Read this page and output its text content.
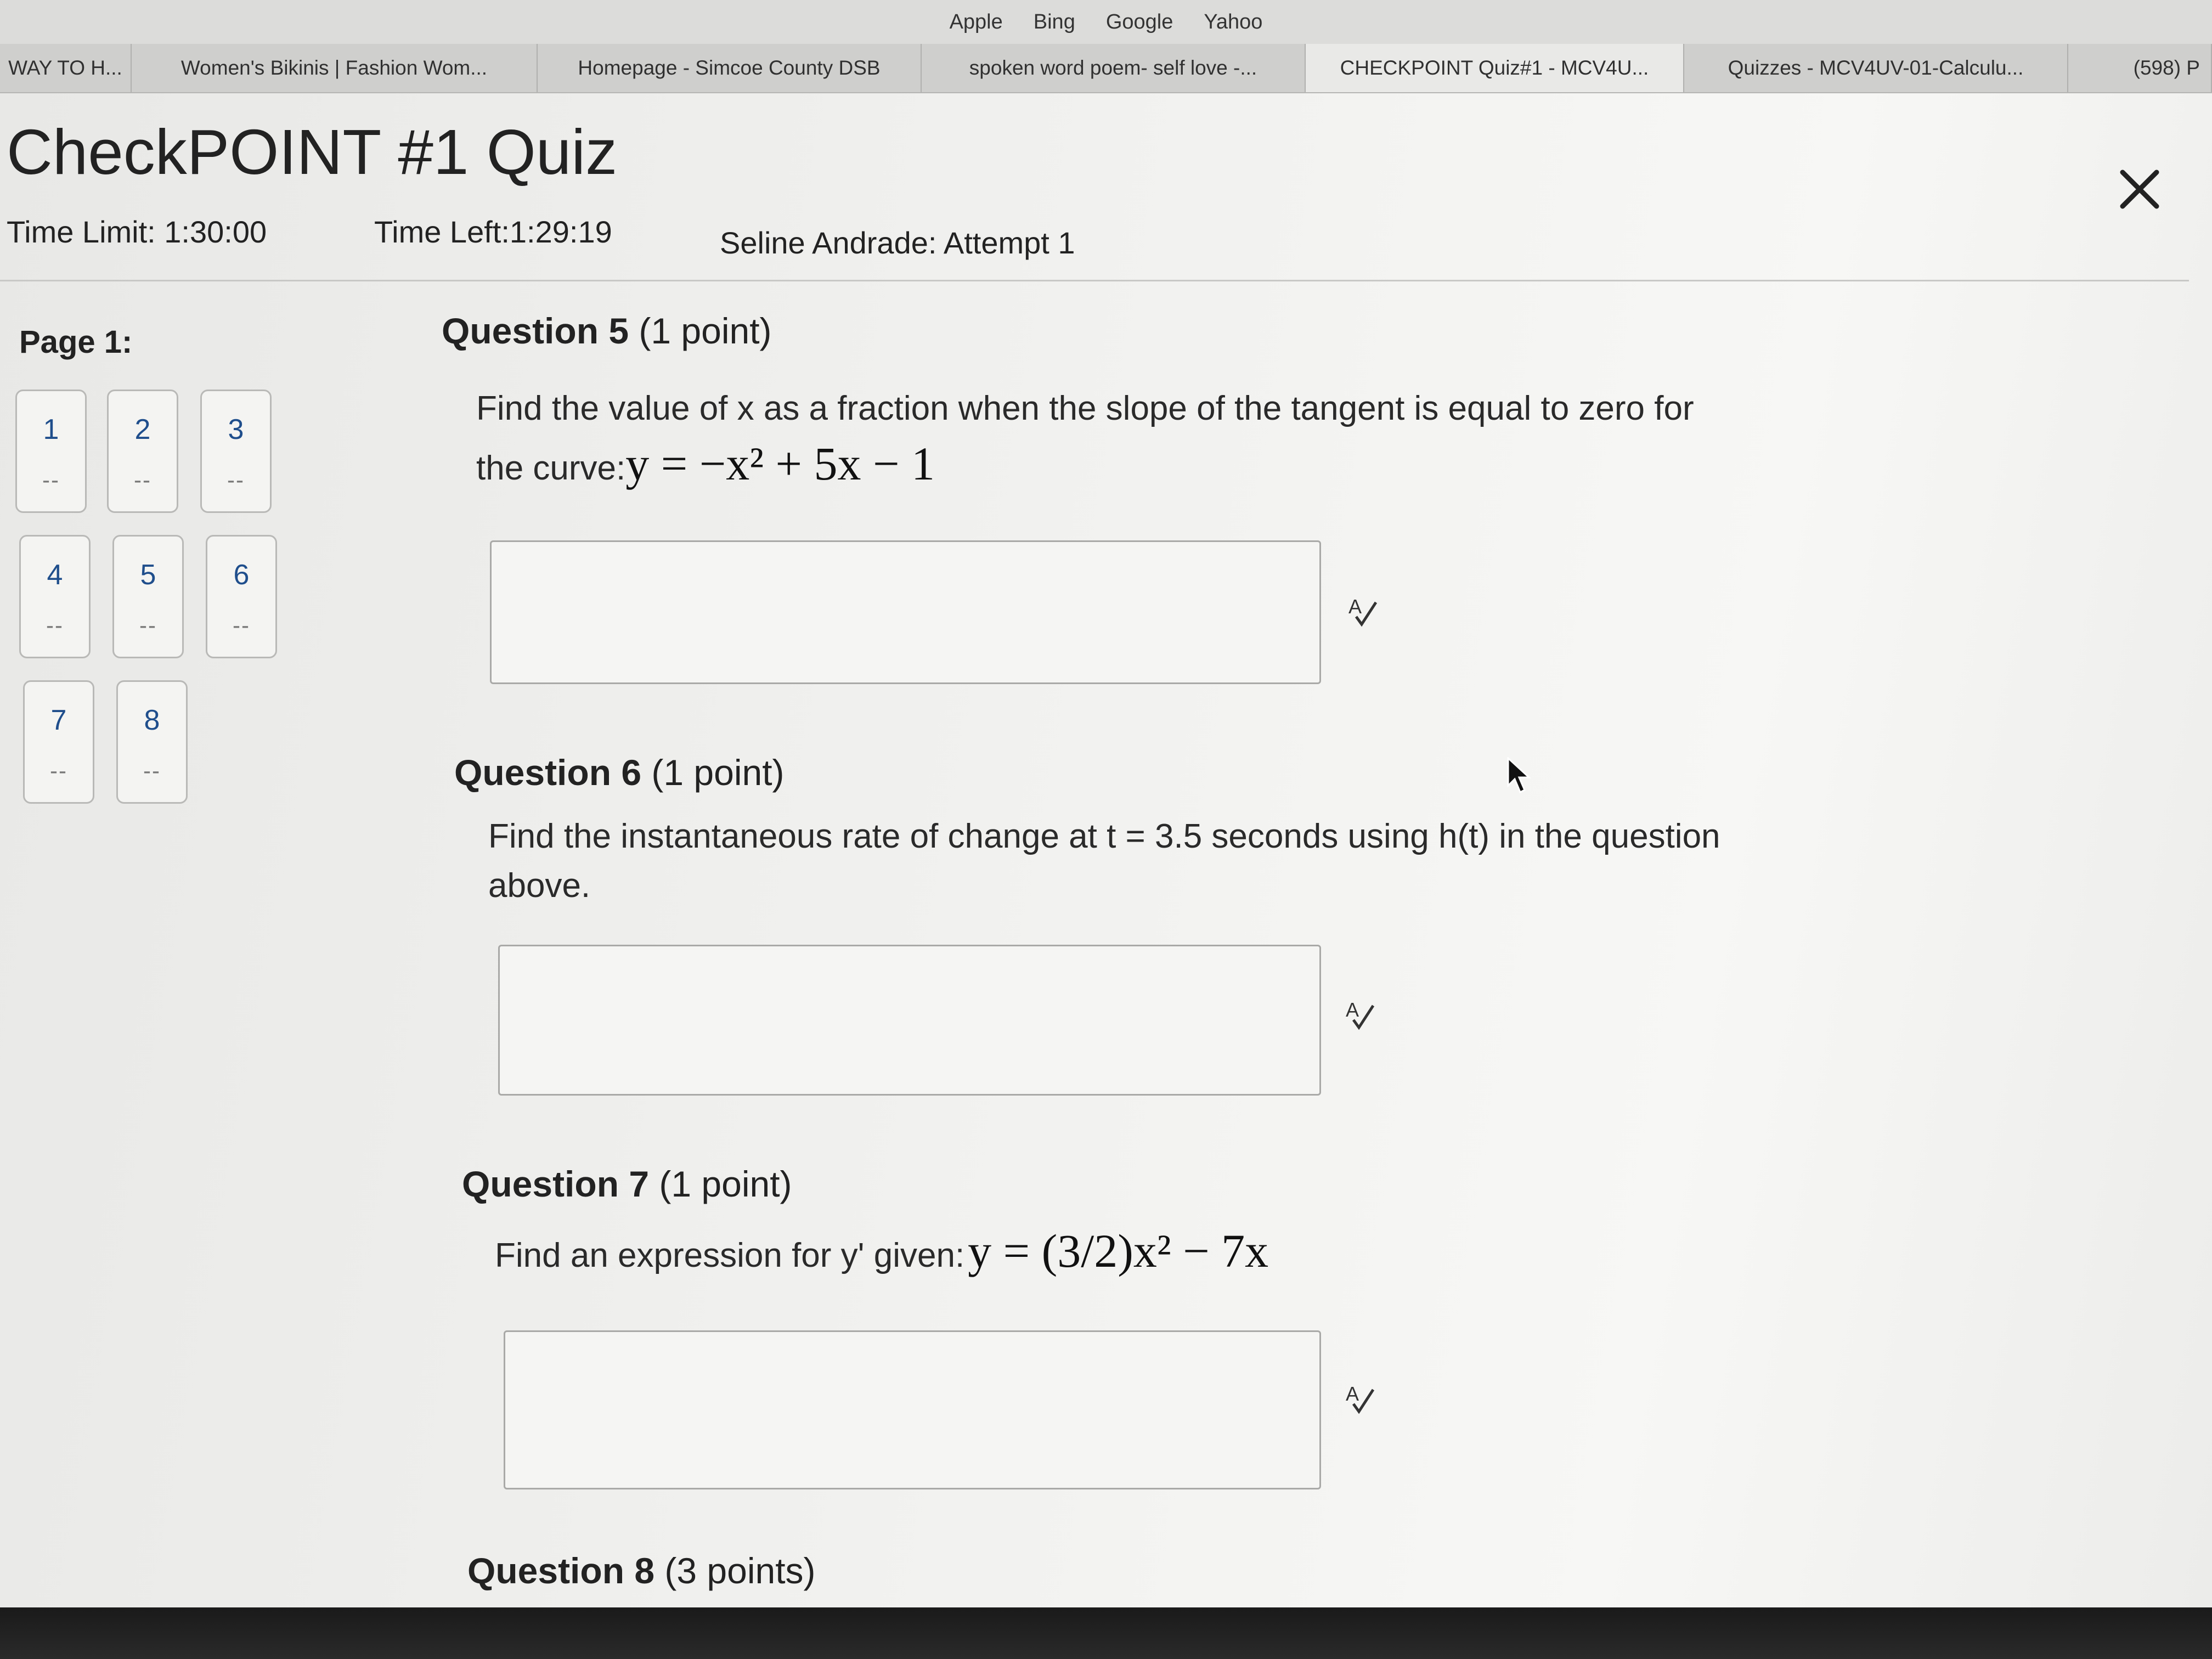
Apple Bing Google Yahoo
WAY TO H...	Women's Bikinis | Fashion Wom...	Homepage - Simcoe County DSB	spoken word poem- self love -...	CHECKPOINT Quiz#1 - MCV4U...	Quizzes - MCV4UV-01-Calculu...	(598) P
CheckPOINT #1 Quiz
Time Limit: 1:30:00	Time Left:1:29:19	Seline Andrade: Attempt 1
Page 1:
1
--
2
--
3
--
4
--
5
--
6
--
7
--
8
--
Question 5 (1 point)
Find the value of x as a fraction when the slope of the tangent is equal to zero for
the curve:y = −x² + 5x − 1
A
Question 6 (1 point)
Find the instantaneous rate of change at t = 3.5 seconds using h(t) in the question
above.
A
Question 7 (1 point)
Find an expression for y' given:y = (3/2)x² − 7x
A
Question 8 (3 points)
